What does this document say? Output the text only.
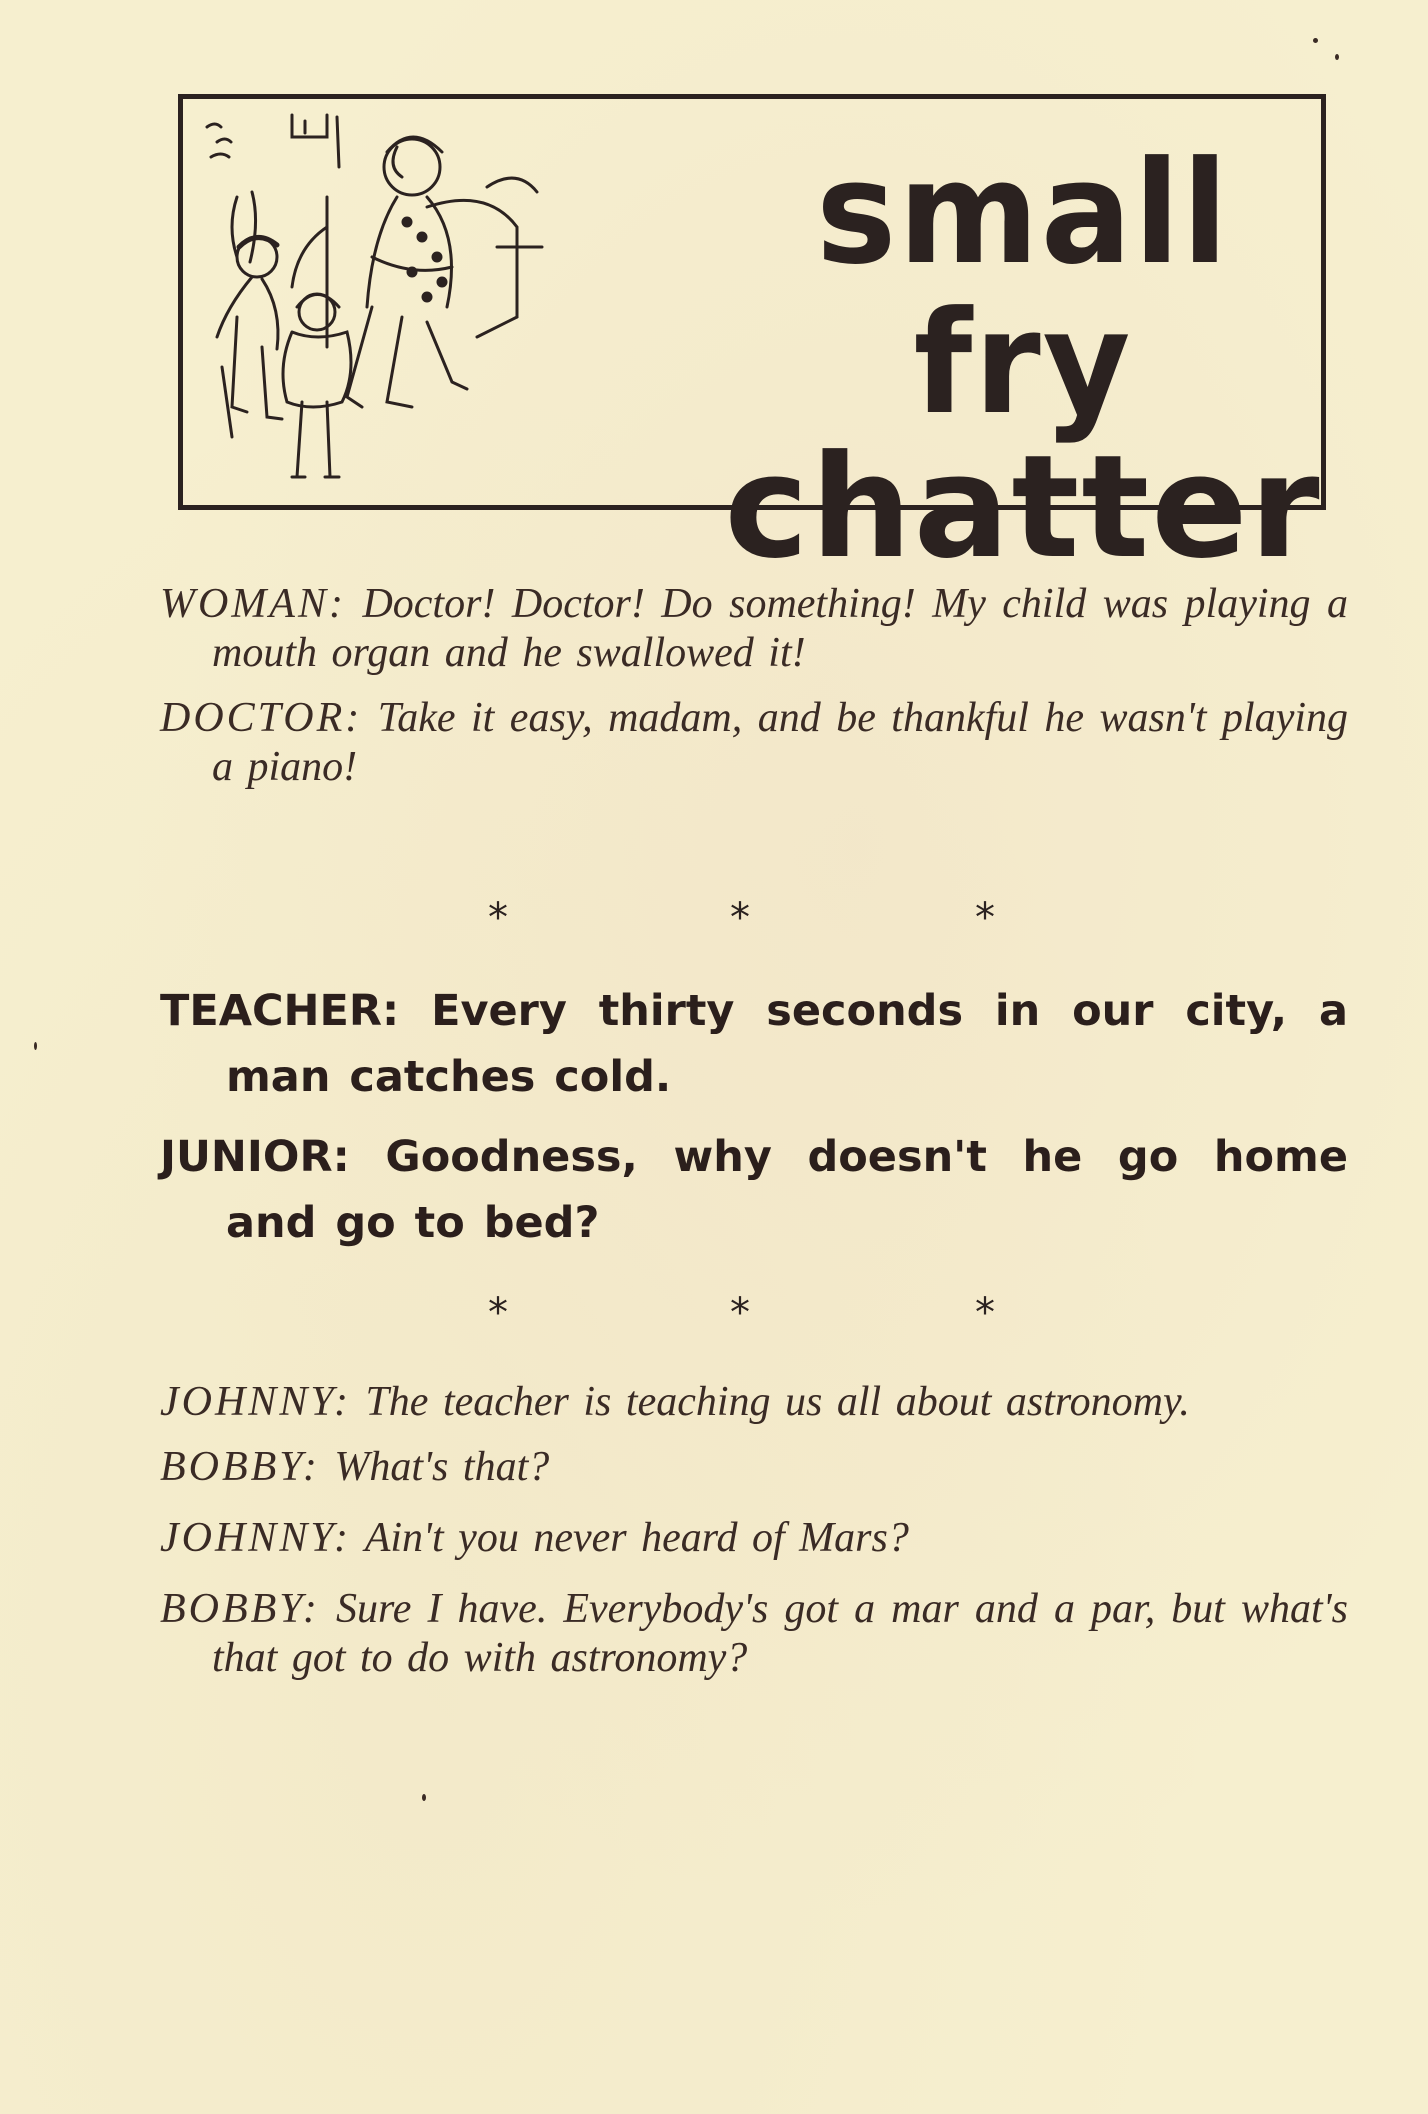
small fry
chatter

WOMAN: Doctor! Doctor! Do something! My child was playing a mouth organ and he swallowed it!

DOCTOR: Take it easy, madam, and be thankful he wasn't playing a piano!

*	*	*

TEACHER: Every thirty seconds in our city, a man catches cold.

JUNIOR: Goodness, why doesn't he go home and go to bed?

*	*	*

JOHNNY: The teacher is teaching us all about astronomy.

BOBBY: What's that?

JOHNNY: Ain't you never heard of Mars?

BOBBY: Sure I have. Everybody's got a mar and a par, but what's that got to do with astronomy?
